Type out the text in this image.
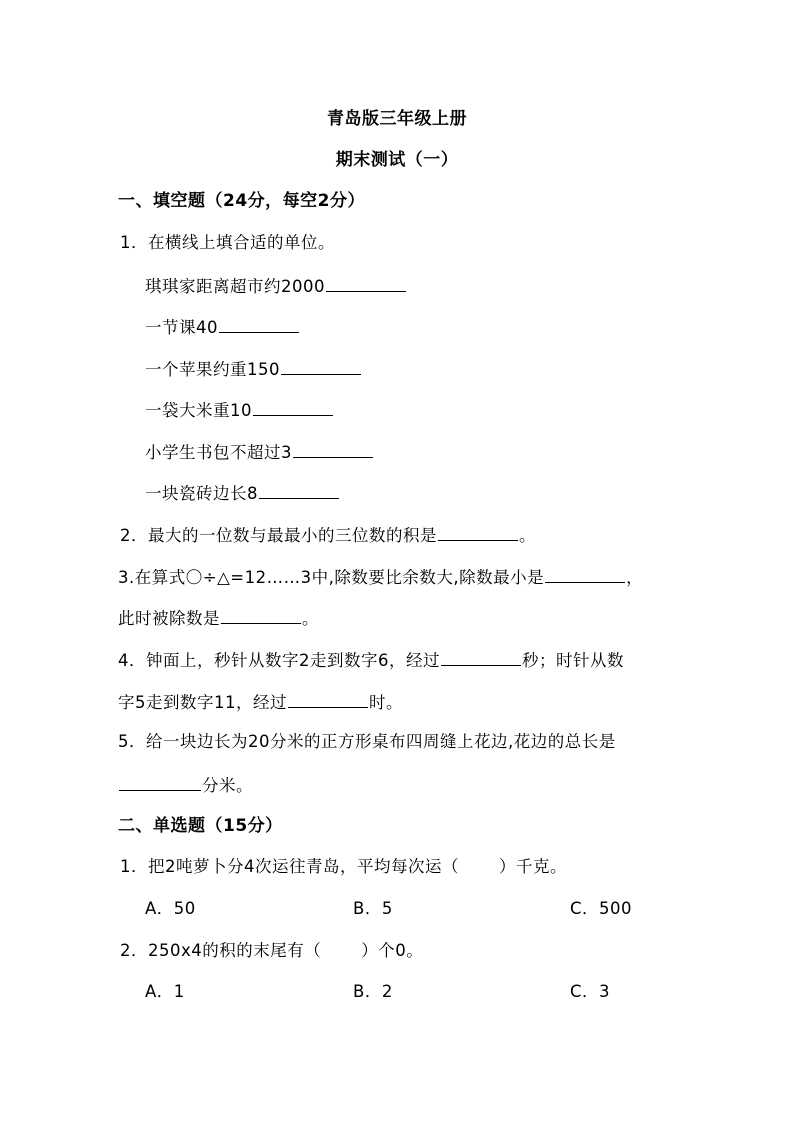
青岛版三年级上册
期末测试（一）
一、填空题（24分，每空2分）
1．在横线上填合适的单位。
琪琪家距离超市约2000
一节课40
一个苹果约重150
一袋大米重10
小学生书包不超过3
一块瓷砖边长8
2．最大的一位数与最最小的三位数的积是	。
3.在算式〇÷△=12……3中,除数要比余数大,除数最小是	，
此时被除数是	。
4．钟面上，秒针从数字2走到数字6，经过	秒；时针从数
字5走到数字11，经过	时。
5．给一块边长为20分米的正方形桌布四周缝上花边,花边的总长是
分米。
二、单选题（15分）
1．把2吨萝卜分4次运往青岛，平均每次运（ ）千克。
A．50	B．5	C．500
2．250x4的积的末尾有（ ）个0。
A．1	B．2	C．3
